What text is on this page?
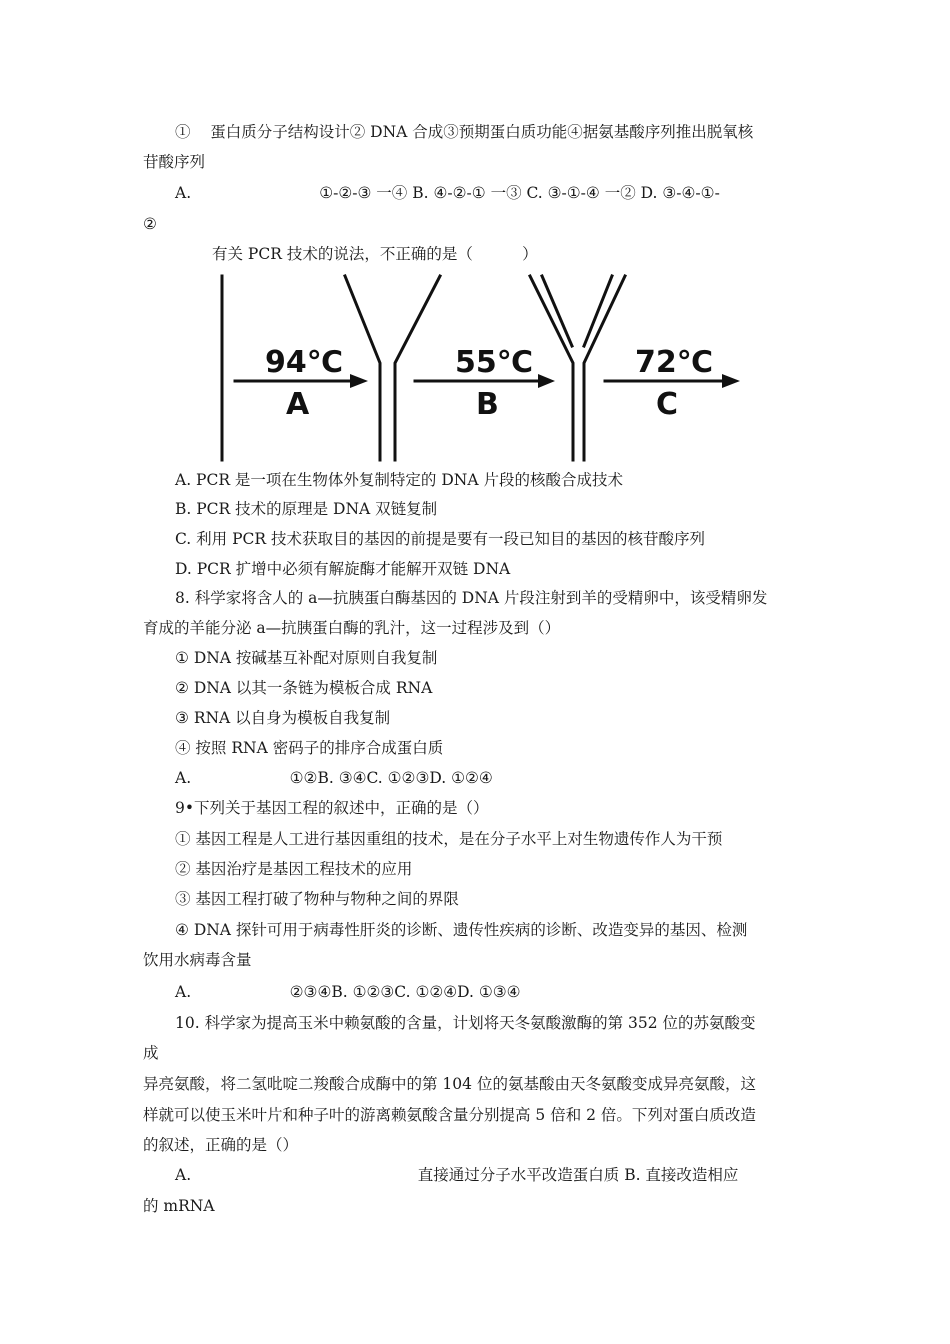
①    蛋白质分子结构设计② DNA 合成③预期蛋白质功能④据氨基酸序列推出脱氧核
苷酸序列
A.                          ①-②-③ 一④ B. ④-②-① 一③ C. ③-①-④ 一② D. ③-④-①-
②
有关 PCR 技术的说法，不正确的是（          ）
94℃
A
55℃
B
72℃
C
A. PCR 是一项在生物体外复制特定的 DNA 片段的核酸合成技术
B. PCR 技术的原理是 DNA 双链复制
C. 利用 PCR 技术获取目的基因的前提是要有一段已知目的基因的核苷酸序列
D. PCR 扩增中必须有解旋酶才能解开双链 DNA
8. 科学家将含人的 a—抗胰蛋白酶基因的 DNA 片段注射到羊的受精卵中，该受精卵发
育成的羊能分泌 a—抗胰蛋白酶的乳汁，这一过程涉及到（）
① DNA 按碱基互补配对原则自我复制
② DNA 以其一条链为模板合成 RNA
③ RNA 以自身为模板自我复制
④ 按照 RNA 密码子的排序合成蛋白质
A.                    ①②B. ③④C. ①②③D. ①②④
9•下列关于基因工程的叙述中，正确的是（）
① 基因工程是人工进行基因重组的技术，是在分子水平上对生物遗传作人为干预
② 基因治疗是基因工程技术的应用
③ 基因工程打破了物种与物种之间的界限
④ DNA 探针可用于病毒性肝炎的诊断、遗传性疾病的诊断、改造变异的基因、检测
饮用水病毒含量
A.                    ②③④B. ①②③C. ①②④D. ①③④
10. 科学家为提高玉米中赖氨酸的含量，计划将天冬氨酸激酶的第 352 位的苏氨酸变
成
异亮氨酸，将二氢吡啶二羧酸合成酶中的第 104 位的氨基酸由天冬氨酸变成异亮氨酸，这
样就可以使玉米叶片和种子叶的游离赖氨酸含量分别提高 5 倍和 2 倍。下列对蛋白质改造
的叙述，正确的是（）
A.                                              直接通过分子水平改造蛋白质 B. 直接改造相应
的 mRNA
